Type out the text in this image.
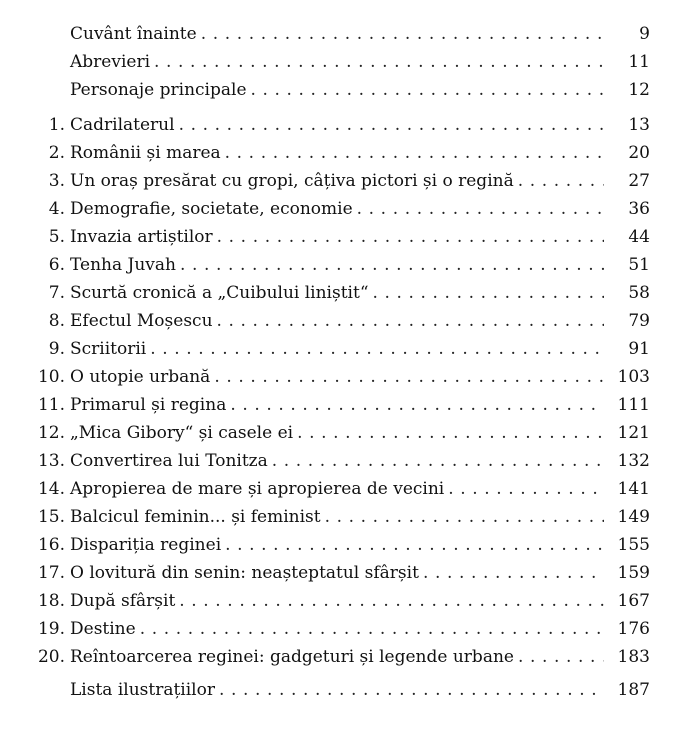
Cuvânt înainte . . .	9
Abrevieri . . .	11
Personaje principale . . .	12
1. Cadrilaterul . . .	13
2. Românii și marea . . .	20
3. Un oraș presărat cu gropi, câțiva pictori și o regină . . .	27
4. Demografie, societate, economie . . .	36
5. Invazia artiștilor . . .	44
6. Tenha Juvah . . .	51
7. Scurtă cronică a „Cuibului liniștit“ . . .	58
8. Efectul Moșescu . . .	79
9. Scriitorii . . .	91
10. O utopie urbană . . .	103
11. Primarul și regina . . .	111
12. „Mica Gibory“ și casele ei . . .	121
13. Convertirea lui Tonitza . . .	132
14. Apropierea de mare și apropierea de vecini . . .	141
15. Balcicul feminin... și feminist . . .	149
16. Dispariția reginei . . .	155
17. O lovitură din senin: neașteptatul sfârșit . . .	159
18. După sfârșit . . .	167
19. Destine . . .	176
20. Reîntoarcerea reginei: gadgeturi și legende urbane . . .	183
Lista ilustrațiilor . . .	187
